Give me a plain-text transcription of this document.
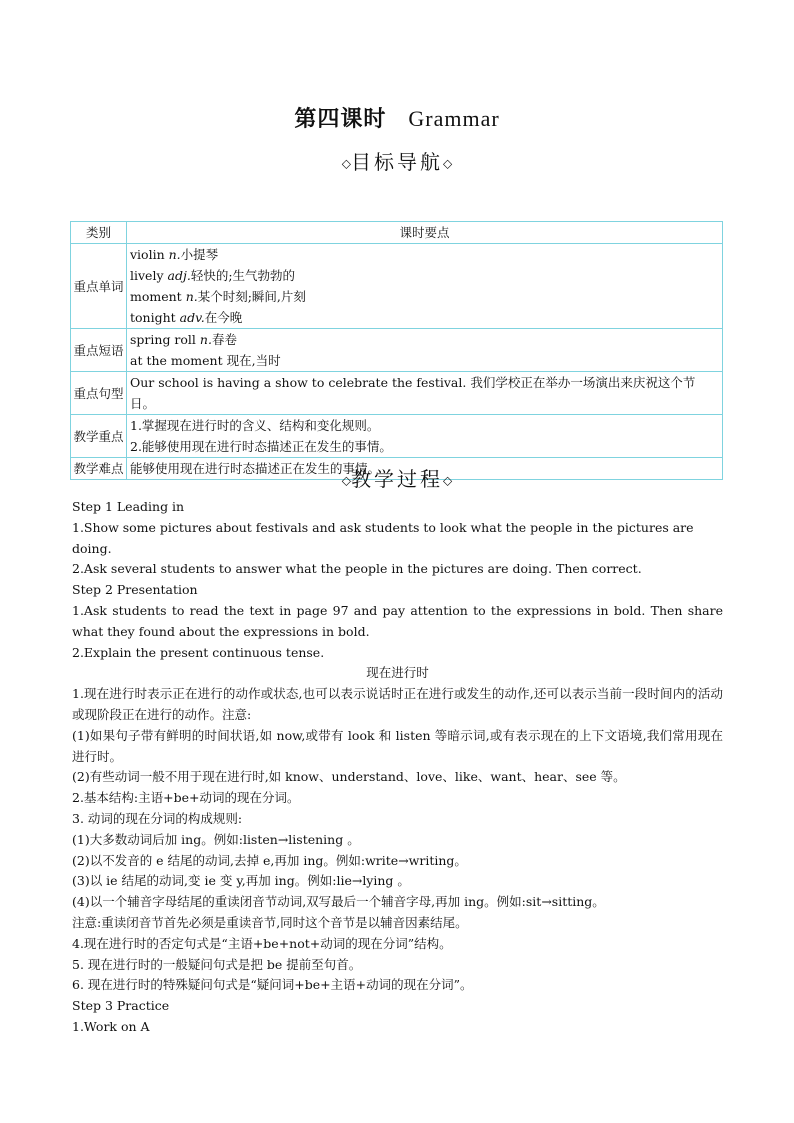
第四课时 Grammar
◇目标导航◇
类别	课时要点
重点单词	violin n.小提琴
lively adj.轻快的;生气勃勃的
moment n.某个时刻;瞬间,片刻
tonight adv.在今晚

重点短语	spring roll n.春卷
at the moment 现在,当时

重点句型	Our school is having a show to celebrate the festival. 我们学校正在举办一场演出来庆祝这个节日。

教学重点	1.掌握现在进行时的含义、结构和变化规则。
2.能够使用现在进行时态描述正在发生的事情。

教学难点	能够使用现在进行时态描述正在发生的事情。
◇教学过程◇

Step 1 Leading in

1.Show some pictures about festivals and ask students to look what the people in the pictures are doing.

2.Ask several students to answer what the people in the pictures are doing. Then correct.

Step 2 Presentation

1.Ask students to read the text in page 97 and pay attention to the expressions in bold. Then share what they found about the expressions in bold.

2.Explain the present continuous tense.

现在进行时

1.现在进行时表示正在进行的动作或状态,也可以表示说话时正在进行或发生的动作,还可以表示当前一段时间内的活动或现阶段正在进行的动作。注意:

(1)如果句子带有鲜明的时间状语,如 now,或带有 look 和 listen 等暗示词,或有表示现在的上下文语境,我们常用现在进行时。

(2)有些动词一般不用于现在进行时,如 know、understand、love、like、want、hear、see 等。

2.基本结构:主语+be+动词的现在分词。

3. 动词的现在分词的构成规则:

(1)大多数动词后加 ing。例如:listen→listening 。

(2)以不发音的 e 结尾的动词,去掉 e,再加 ing。例如:write→writing。

(3)以 ie 结尾的动词,变 ie 变 y,再加 ing。例如:lie→lying 。

(4)以一个辅音字母结尾的重读闭音节动词,双写最后一个辅音字母,再加 ing。例如:sit→sitting。

注意:重读闭音节首先必须是重读音节,同时这个音节是以辅音因素结尾。

4.现在进行时的否定句式是“主语+be+not+动词的现在分词”结构。

5. 现在进行时的一般疑问句式是把 be 提前至句首。

6. 现在进行时的特殊疑问句式是“疑问词+be+主语+动词的现在分词”。

Step 3 Practice

1.Work on A
